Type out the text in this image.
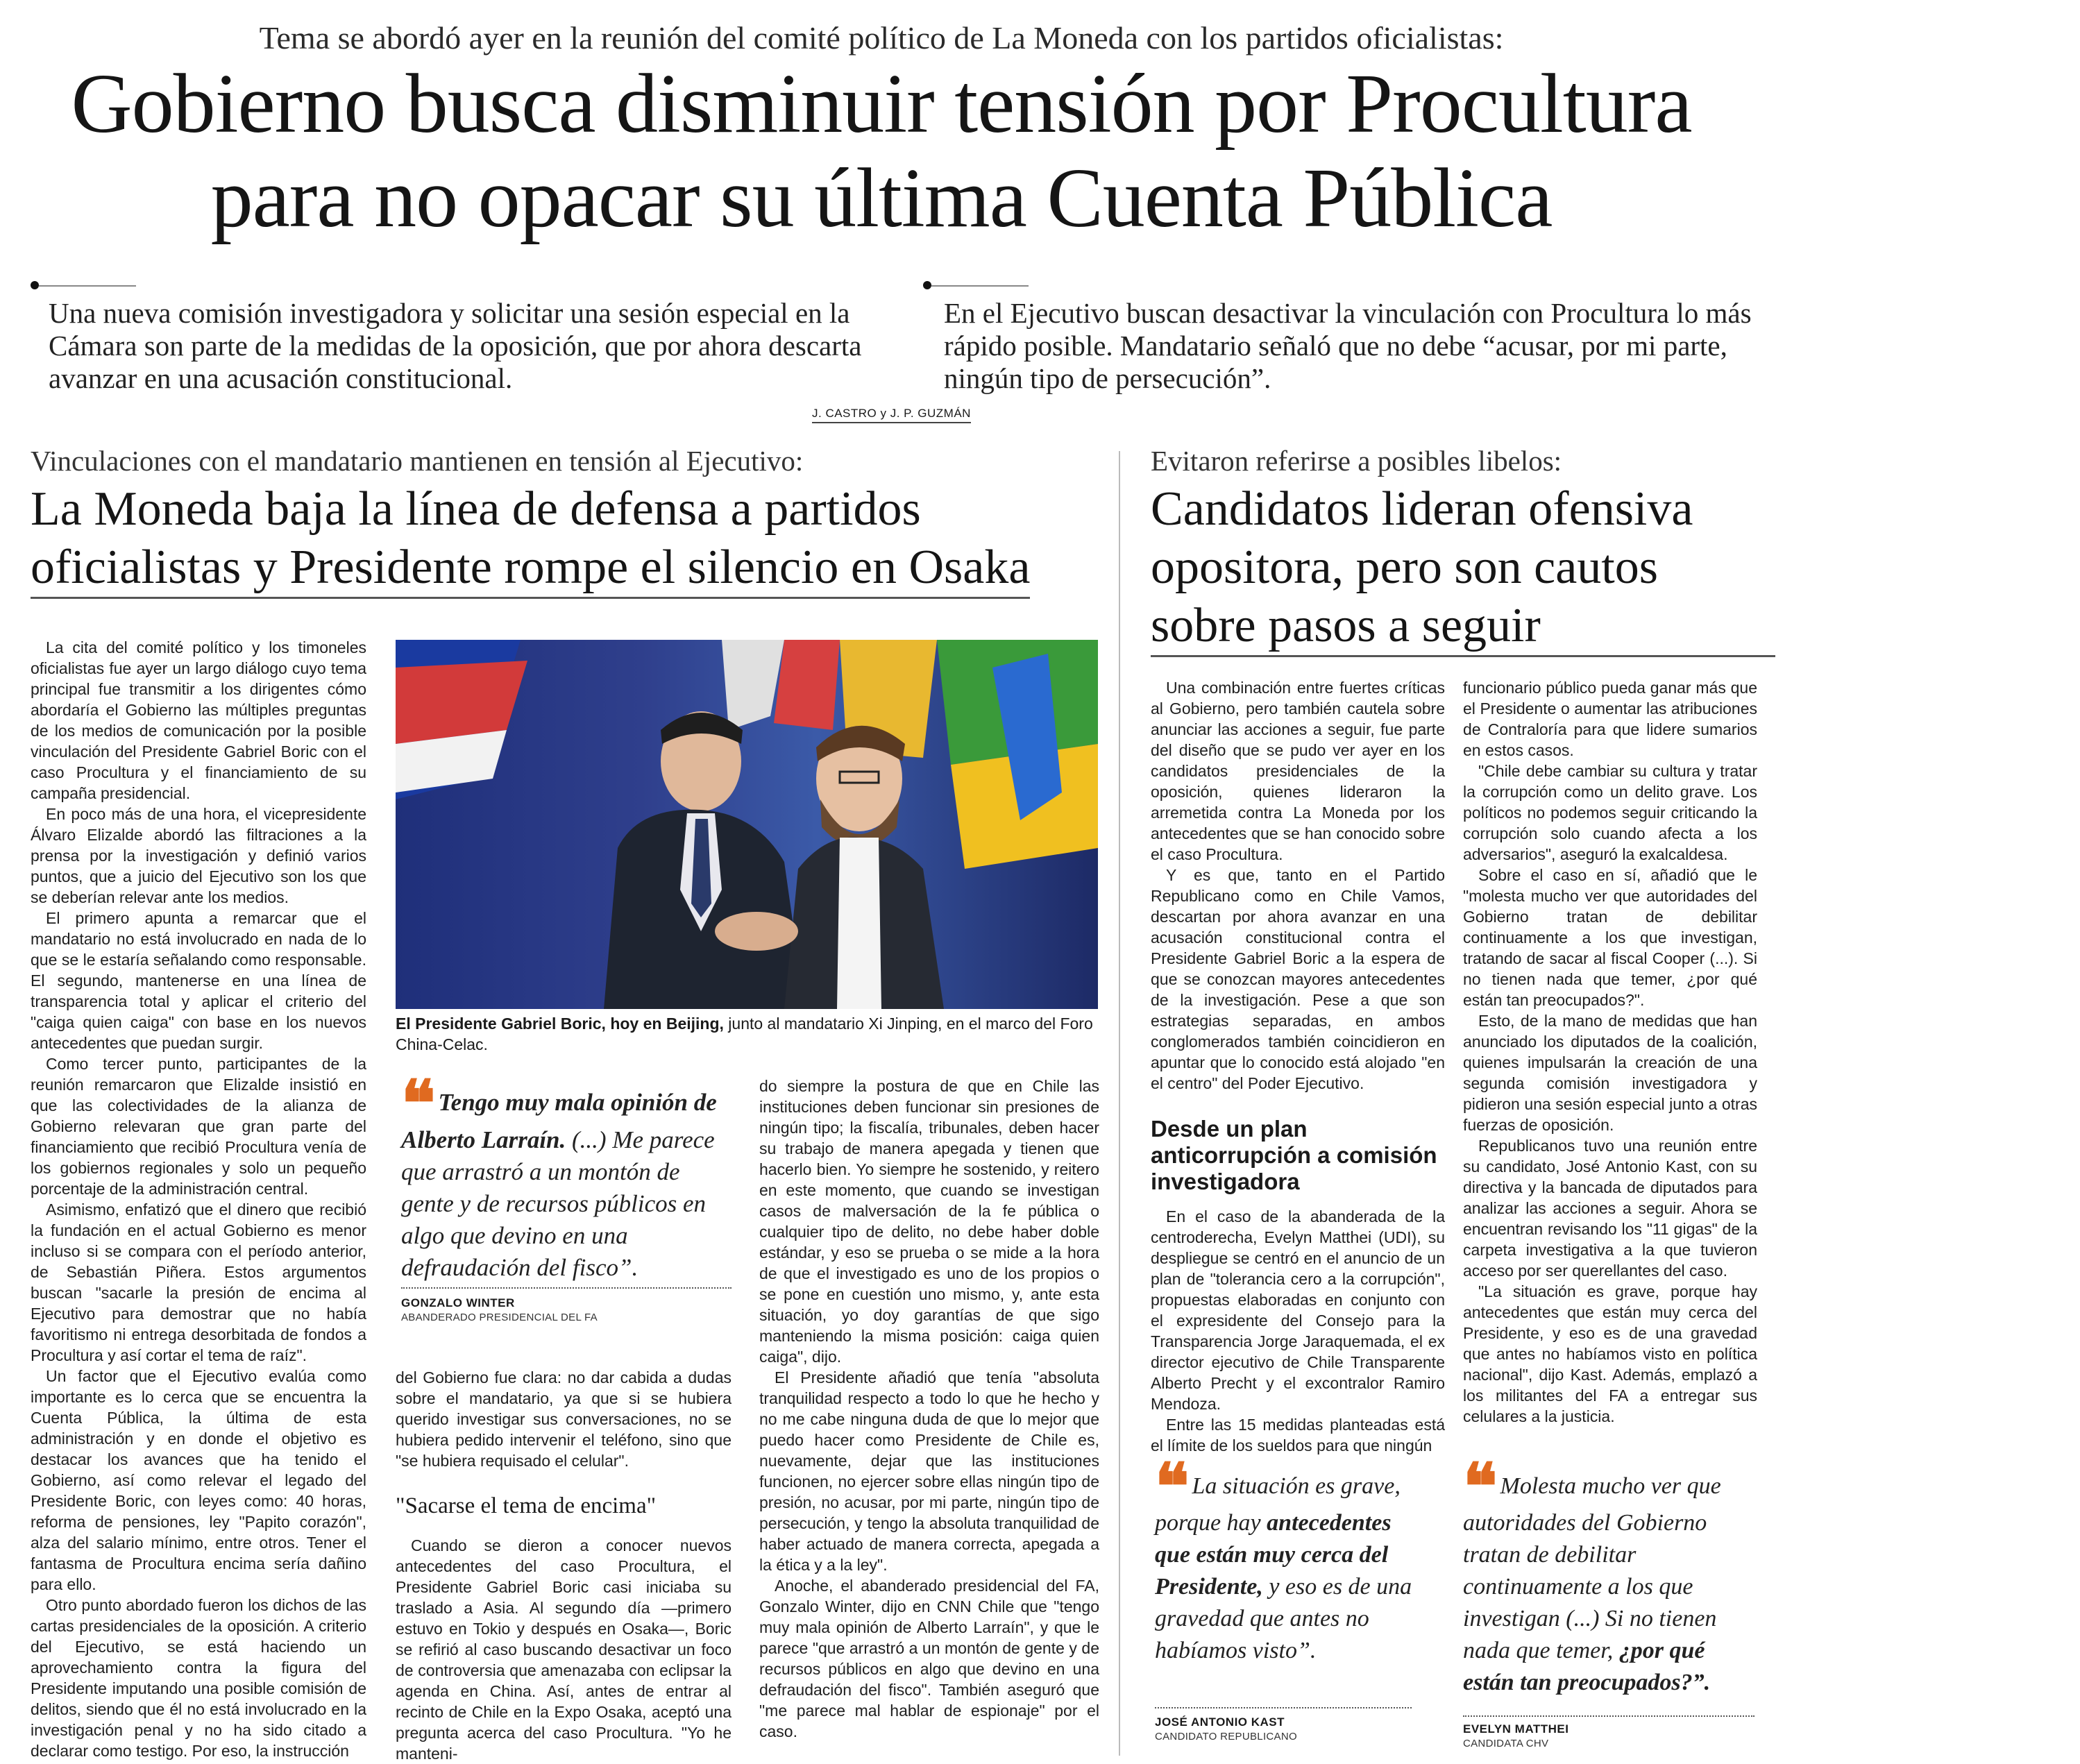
Tema se abordó ayer en la reunión del comité político de La Moneda con los partidos oficialistas:
Gobierno busca disminuir tensión por Procultura
para no opacar su última Cuenta Pública
Una nueva comisión investigadora y solicitar una sesión especial en la Cámara son parte de la medidas de la oposición, que por ahora descarta avanzar en una acusación constitucional.
En el Ejecutivo buscan desactivar la vinculación con Procultura lo más rápido posible. Mandatario señaló que no debe “acusar, por mi parte, ningún tipo de persecución”.
J. CASTRO y J. P. GUZMÁN
Vinculaciones con el mandatario mantienen en tensión al Ejecutivo:
La Moneda baja la línea de defensa a partidos
oficialistas y Presidente rompe el silencio en Osaka

La cita del comité político y los timoneles oficialistas fue ayer un largo diálogo cuyo tema principal fue transmitir a los dirigentes cómo abordaría el Gobierno las múltiples preguntas de los medios de comunicación por la posible vinculación del Presidente Gabriel Boric con el caso Procultura y el financiamiento de su campaña presidencial.

En poco más de una hora, el vicepresidente Álvaro Elizalde abordó las filtraciones a la prensa por la investigación y definió varios puntos, que a juicio del Ejecutivo son los que se deberían relevar ante los medios.

El primero apunta a remarcar que el mandatario no está involucrado en nada de lo que se le estaría señalando como responsable. El segundo, mantenerse en una línea de transparencia total y aplicar el criterio del "caiga quien caiga" con base en los nuevos antecedentes que puedan surgir.

Como tercer punto, participantes de la reunión remarcaron que Elizalde insistió en que las colectividades de la alianza de Gobierno relevaran que gran parte del financiamiento que recibió Procultura venía de los gobiernos regionales y solo un pequeño porcentaje de la administración central.

Asimismo, enfatizó que el dinero que recibió la fundación en el actual Gobierno es menor incluso si se compara con el período anterior, de Sebastián Piñera. Estos argumentos buscan "sacarle la presión de encima al Ejecutivo para demostrar que no había favoritismo ni entrega desorbitada de fondos a Procultura y así cortar el tema de raíz".

Un factor que el Ejecutivo evalúa como importante es lo cerca que se encuentra la Cuenta Pública, la última de esta administración y en donde el objetivo es destacar los avances que ha tenido el Gobierno, así como relevar el legado del Presidente Boric, con leyes como: 40 horas, reforma de pensiones, ley "Papito corazón", alza del salario mínimo, entre otros. Tener el fantasma de Procultura encima sería dañino para ello.

Otro punto abordado fueron los dichos de las cartas presidenciales de la oposición. A criterio del Ejecutivo, se está haciendo un aprovechamiento contra la figura del Presidente imputando una posible comisión de delitos, siendo que él no está involucrado en la investigación penal y no ha sido citado a declarar como testigo. Por eso, la instrucción

El Presidente Gabriel Boric, hoy en Beijing, junto al mandatario Xi Jinping, en el marco del Foro China-Celac.
❝ Tengo muy mala opinión de Alberto Larraín. (...) Me parece que arrastró a un montón de gente y de recursos públicos en algo que devino en una defraudación del fisco”.
GONZALO WINTER
ABANDERADO PRESIDENCIAL DEL FA

del Gobierno fue clara: no dar cabida a dudas sobre el mandatario, ya que si se hubiera querido investigar sus conversaciones, no se hubiera pedido intervenir el teléfono, sino que "se hubiera requisado el celular".

"Sacarse el tema de encima"

Cuando se dieron a conocer nuevos antecedentes del caso Procultura, el Presidente Gabriel Boric casi iniciaba su traslado a Asia. Al segundo día —primero estuvo en Tokio y después en Osaka—, Boric se refirió al caso buscando desactivar un foco de controversia que amenazaba con eclipsar la agenda en China. Así, antes de entrar al recinto de Chile en la Expo Osaka, aceptó una pregunta acerca del caso Procultura. "Yo he manteni-

do siempre la postura de que en Chile las instituciones deben funcionar sin presiones de ningún tipo; la fiscalía, tribunales, deben hacer su trabajo de manera apegada y tienen que hacerlo bien. Yo siempre he sostenido, y reitero en este momento, que cuando se investigan casos de malversación de la fe pública o cualquier tipo de delito, no debe haber doble estándar, y eso se prueba o se mide a la hora de que el investigado es uno de los propios o se pone en cuestión uno mismo, y, ante esta situación, yo doy garantías de que sigo manteniendo la misma posición: caiga quien caiga", dijo.

El Presidente añadió que tenía "absoluta tranquilidad respecto a todo lo que he hecho y no me cabe ninguna duda de que lo mejor que puedo hacer como Presidente de Chile es, nuevamente, dejar que las instituciones funcionen, no ejercer sobre ellas ningún tipo de presión, no acusar, por mi parte, ningún tipo de persecución, y tengo la absoluta tranquilidad de haber actuado de manera correcta, apegada a la ética y a la ley".

Anoche, el abanderado presidencial del FA, Gonzalo Winter, dijo en CNN Chile que "tengo muy mala opinión de Alberto Larraín", y que le parece "que arrastró a un montón de gente y de recursos públicos en algo que devino en una defraudación del fisco". También aseguró que "me parece mal hablar de espionaje" por el caso.

Evitaron referirse a posibles libelos:
Candidatos lideran ofensiva
opositora, pero son cautos
sobre pasos a seguir

Una combinación entre fuertes críticas al Gobierno, pero también cautela sobre anunciar las acciones a seguir, fue parte del diseño que se pudo ver ayer en los candidatos presidenciales de la oposición, quienes lideraron la arremetida contra La Moneda por los antecedentes que se han conocido sobre el caso Procultura.

Y es que, tanto en el Partido Republicano como en Chile Vamos, descartan por ahora avanzar en una acusación constitucional contra el Presidente Gabriel Boric a la espera de que se conozcan mayores antecedentes de la investigación. Pese a que son estrategias separadas, en ambos conglomerados también coincidieron en apuntar que lo conocido está alojado "en el centro" del Poder Ejecutivo.

Desde un plan anticorrupción a comisión investigadora

En el caso de la abanderada de la centroderecha, Evelyn Matthei (UDI), su despliegue se centró en el anuncio de un plan de "tolerancia cero a la corrupción", propuestas elaboradas en conjunto con el expresidente del Consejo para la Transparencia Jorge Jaraquemada, el ex director ejecutivo de Chile Transparente Alberto Precht y el excontralor Ramiro Mendoza.

Entre las 15 medidas planteadas está el límite de los sueldos para que ningún

funcionario público pueda ganar más que el Presidente o aumentar las atribuciones de Contraloría para que lidere sumarios en estos casos.

"Chile debe cambiar su cultura y tratar la corrupción como un delito grave. Los políticos no podemos seguir criticando la corrupción solo cuando afecta a los adversarios", aseguró la exalcaldesa.

Sobre el caso en sí, añadió que le "molesta mucho ver que autoridades del Gobierno tratan de debilitar continuamente a los que investigan, tratando de sacar al fiscal Cooper (...). Si no tienen nada que temer, ¿por qué están tan preocupados?".

Esto, de la mano de medidas que han anunciado los diputados de la coalición, quienes impulsarán la creación de una segunda comisión investigadora y pidieron una sesión especial junto a otras fuerzas de oposición.

Republicanos tuvo una reunión entre su candidato, José Antonio Kast, con su directiva y la bancada de diputados para analizar las acciones a seguir. Ahora se encuentran revisando los "11 gigas" de la carpeta investigativa a la que tuvieron acceso por ser querellantes del caso.

"La situación es grave, porque hay antecedentes que están muy cerca del Presidente, y eso es de una gravedad que antes no habíamos visto en política nacional", dijo Kast. Además, emplazó a los militantes del FA a entregar sus celulares a la justicia.

❝ La situación es grave, porque hay antecedentes que están muy cerca del Presidente, y eso es de una gravedad que antes no habíamos visto”.
JOSÉ ANTONIO KAST
CANDIDATO REPUBLICANO
❝ Molesta mucho ver que autoridades del Gobierno tratan de debilitar continuamente a los que investigan (...) Si no tienen nada que temer, ¿por qué están tan preocupados?”.
EVELYN MATTHEI
CANDIDATA CHV
